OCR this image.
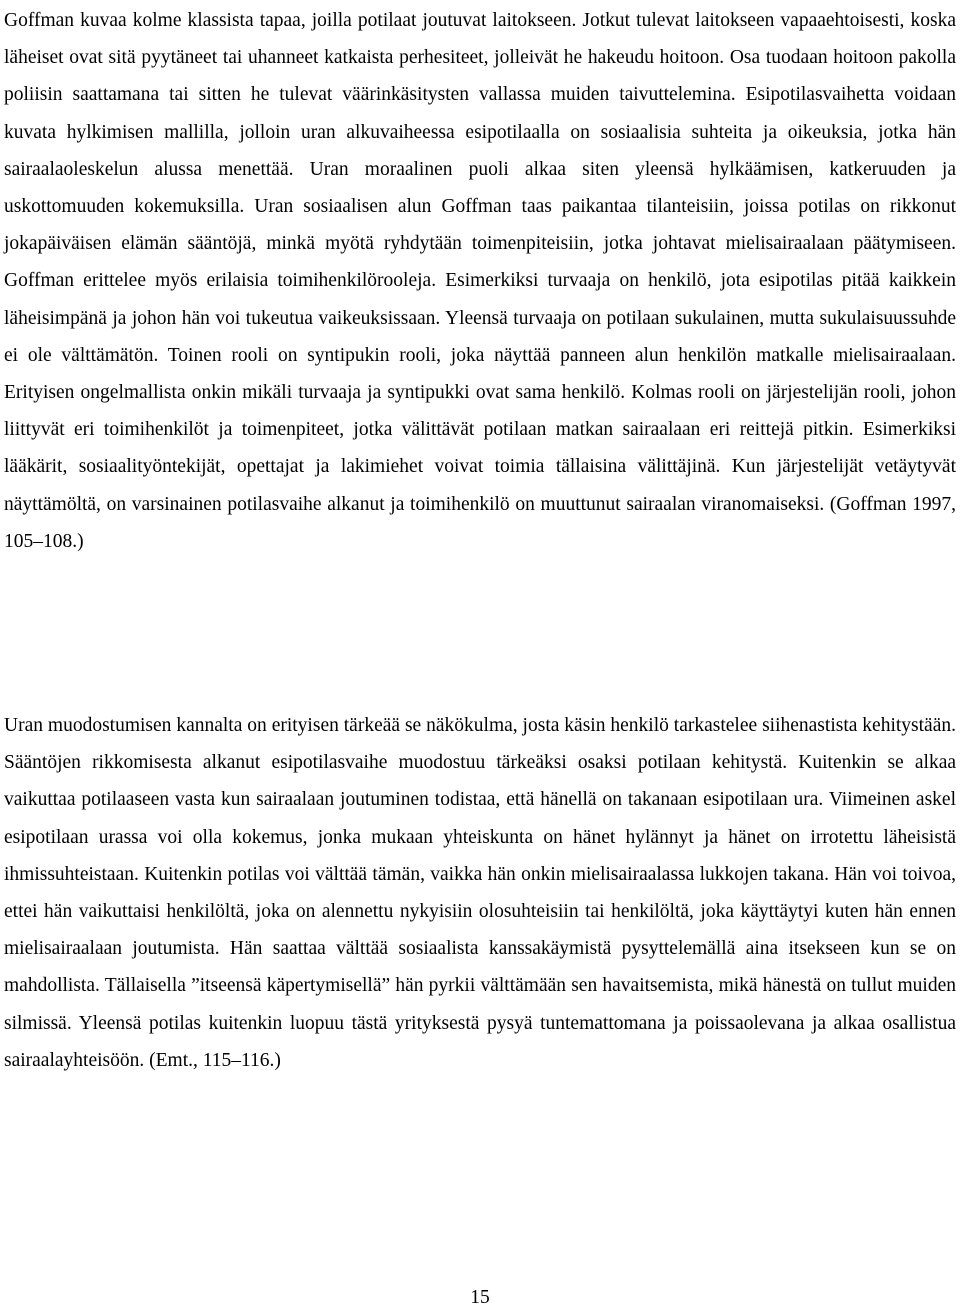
Goffman kuvaa kolme klassista tapaa, joilla potilaat joutuvat laitokseen. Jotkut tulevat laitokseen vapaaehtoisesti, koska läheiset ovat sitä pyytäneet tai uhanneet katkaista perhesiteet, jolleivät he hakeudu hoitoon. Osa tuodaan hoitoon pakolla poliisin saattamana tai sitten he tulevat väärinkäsitysten vallassa muiden taivuttelemina. Esipotilasvaihetta voidaan kuvata hylkimisen mallilla, jolloin uran alkuvaiheessa esipotilaalla on sosiaalisia suhteita ja oikeuksia, jotka hän sairaalaoleskelun alussa menettää. Uran moraalinen puoli alkaa siten yleensä hylkäämisen, katkeruuden ja uskottomuuden kokemuksilla. Uran sosiaalisen alun Goffman taas paikantaa tilanteisiin, joissa potilas on rikkonut jokapäiväisen elämän sääntöjä, minkä myötä ryhdytään toimenpiteisiin, jotka johtavat mielisairaalaan päätymiseen. Goffman erittelee myös erilaisia toimihenkilörooleja. Esimerkiksi turvaaja on henkilö, jota esipotilas pitää kaikkein läheisimpänä ja johon hän voi tukeutua vaikeuksissaan. Yleensä turvaaja on potilaan sukulainen, mutta sukulaisuussuhde ei ole välttämätön. Toinen rooli on syntipukin rooli, joka näyttää panneen alun henkilön matkalle mielisairaalaan. Erityisen ongelmallista onkin mikäli turvaaja ja syntipukki ovat sama henkilö. Kolmas rooli on järjestelijän rooli, johon liittyvät eri toimihenkilöt ja toimenpiteet, jotka välittävät potilaan matkan sairaalaan eri reittejä pitkin. Esimerkiksi lääkärit, sosiaalityöntekijät, opettajat ja lakimiehet voivat toimia tällaisina välittäjinä. Kun järjestelijät vetäytyvät näyttämöltä, on varsinainen potilasvaihe alkanut ja toimihenkilö on muuttunut sairaalan viranomaiseksi. (Goffman 1997, 105–108.)

Uran muodostumisen kannalta on erityisen tärkeää se näkökulma, josta käsin henkilö tarkastelee siihenastista kehitystään. Sääntöjen rikkomisesta alkanut esipotilasvaihe muodostuu tärkeäksi osaksi potilaan kehitystä. Kuitenkin se alkaa vaikuttaa potilaaseen vasta kun sairaalaan joutuminen todistaa, että hänellä on takanaan esipotilaan ura. Viimeinen askel esipotilaan urassa voi olla kokemus, jonka mukaan yhteiskunta on hänet hylännyt ja hänet on irrotettu läheisistä ihmissuhteistaan. Kuitenkin potilas voi välttää tämän, vaikka hän onkin mielisairaalassa lukkojen takana. Hän voi toivoa, ettei hän vaikuttaisi henkilöltä, joka on alennettu nykyisiin olosuhteisiin tai henkilöltä, joka käyttäytyi kuten hän ennen mielisairaalaan joutumista. Hän saattaa välttää sosiaalista kanssakäymistä pysyttelemällä aina itsekseen kun se on mahdollista. Tällaisella ”itseensä käpertymisellä” hän pyrkii välttämään sen havaitsemista, mikä hänestä on tullut muiden silmissä. Yleensä potilas kuitenkin luopuu tästä yrityksestä pysyä tuntemattomana ja poissaolevana ja alkaa osallistua sairaalayhteisöön. (Emt., 115–116.)

15
